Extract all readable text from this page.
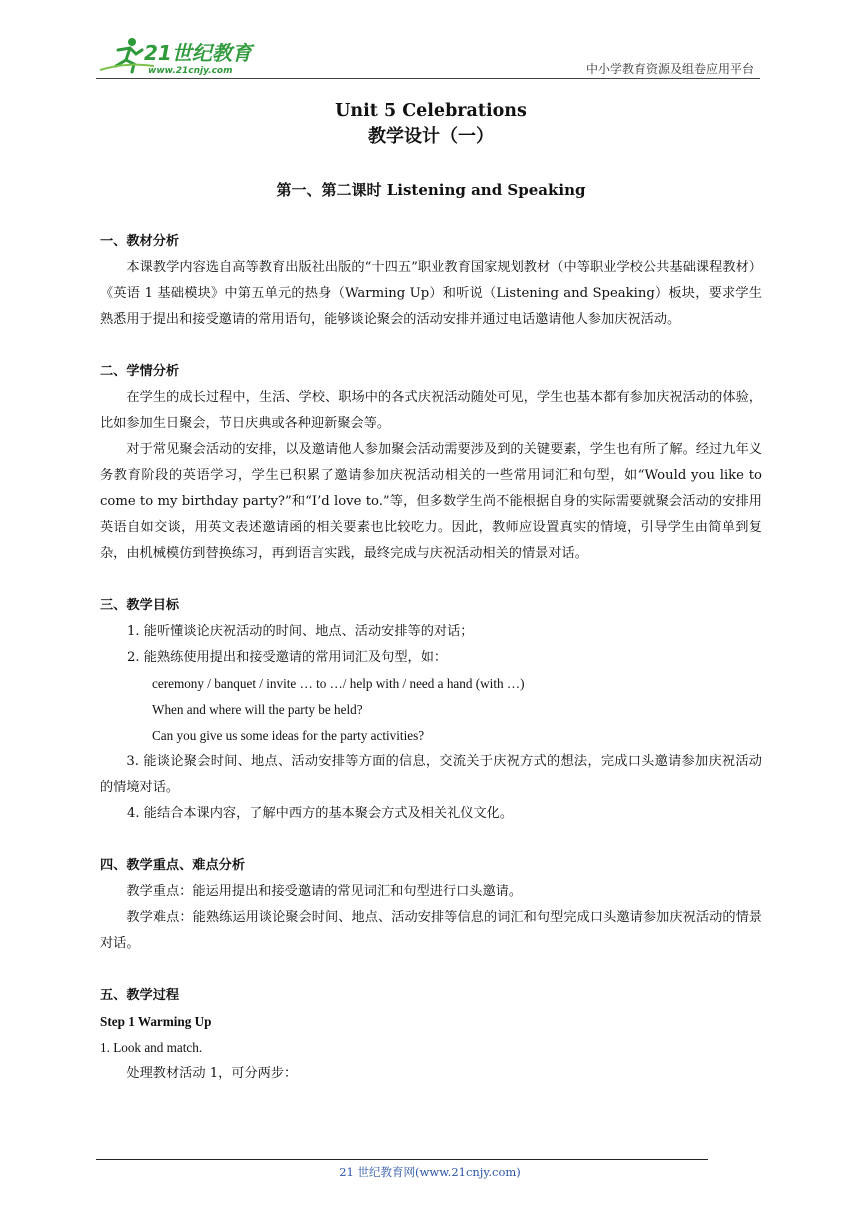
21世纪教育
www.21cnjy.com	中小学教育资源及组卷应用平台

Unit 5 Celebrations

教学设计（一）

第一、第二课时 Listening and Speaking

一、教材分析

本课教学内容选自高等教育出版社出版的“十四五”职业教育国家规划教材（中等职业学校公共基础课程教材）《英语 1 基础模块》中第五单元的热身（Warming Up）和听说（Listening and Speaking）板块，要求学生熟悉用于提出和接受邀请的常用语句，能够谈论聚会的活动安排并通过电话邀请他人参加庆祝活动。

二、学情分析

在学生的成长过程中，生活、学校、职场中的各式庆祝活动随处可见，学生也基本都有参加庆祝活动的体验，比如参加生日聚会，节日庆典或各种迎新聚会等。

对于常见聚会活动的安排，以及邀请他人参加聚会活动需要涉及到的关键要素，学生也有所了解。经过九年义务教育阶段的英语学习，学生已积累了邀请参加庆祝活动相关的一些常用词汇和句型，如“Would you like to come to my birthday party?”和“I’d love to.”等，但多数学生尚不能根据自身的实际需要就聚会活动的安排用英语自如交谈，用英文表述邀请函的相关要素也比较吃力。因此，教师应设置真实的情境，引导学生由简单到复杂，由机械模仿到替换练习，再到语言实践，最终完成与庆祝活动相关的情景对话。

三、教学目标

1. 能听懂谈论庆祝活动的时间、地点、活动安排等的对话；

2. 能熟练使用提出和接受邀请的常用词汇及句型，如：

ceremony / banquet / invite … to …/ help with / need a hand (with …)

When and where will the party be held?

Can you give us some ideas for the party activities?

3. 能谈论聚会时间、地点、活动安排等方面的信息，交流关于庆祝方式的想法，完成口头邀请参加庆祝活动的情境对话。

4. 能结合本课内容，了解中西方的基本聚会方式及相关礼仪文化。

四、教学重点、难点分析

教学重点：能运用提出和接受邀请的常见词汇和句型进行口头邀请。

教学难点：能熟练运用谈论聚会时间、地点、活动安排等信息的词汇和句型完成口头邀请参加庆祝活动的情景对话。

五、教学过程

Step 1 Warming Up

1. Look and match.

处理教材活动 1，可分两步：

21 世纪教育网(www.21cnjy.com)
